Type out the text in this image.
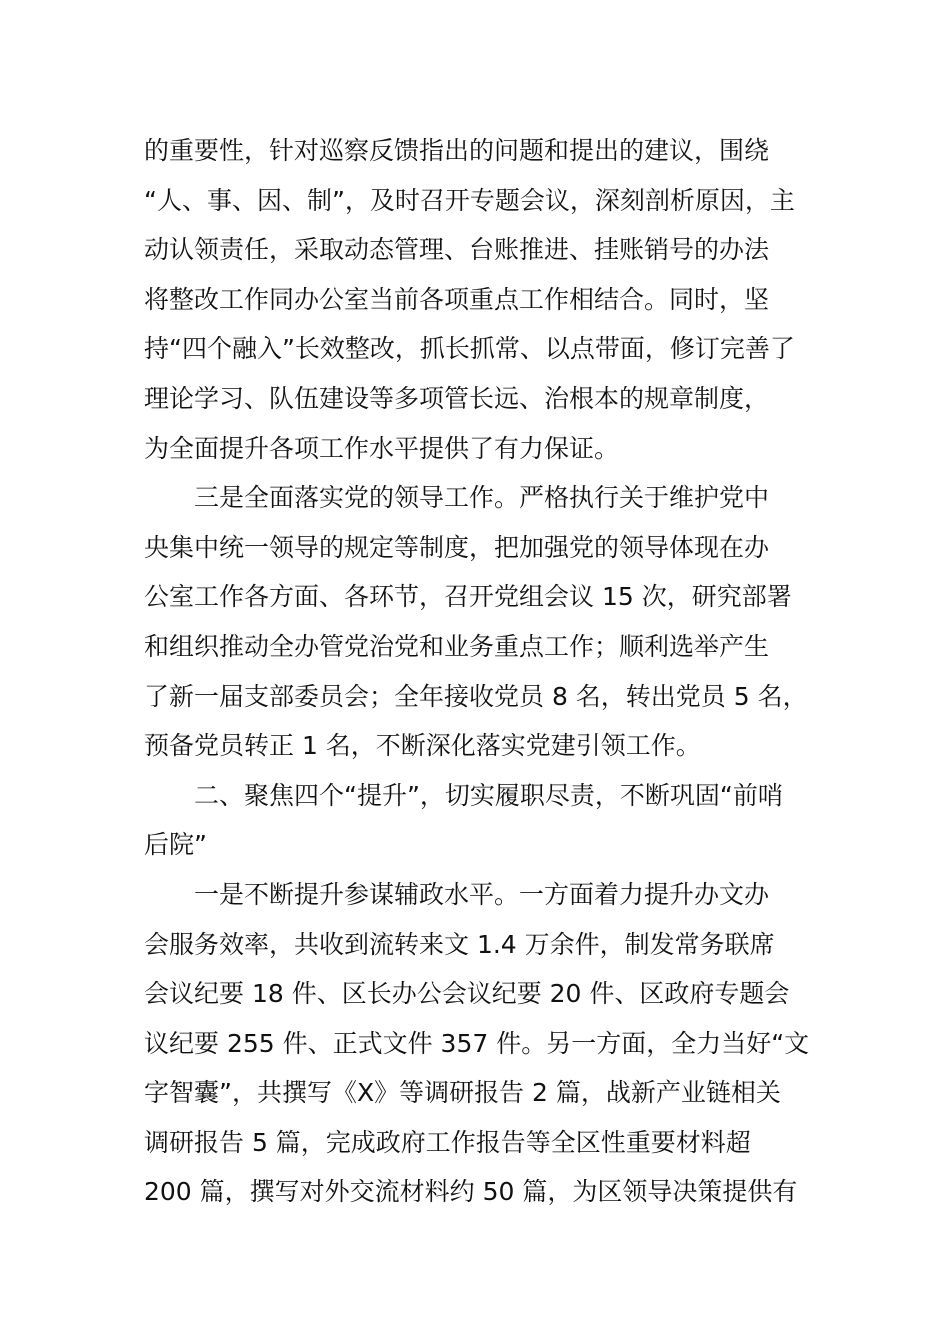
的重要性，针对巡察反馈指出的问题和提出的建议，围绕
“人、事、因、制”，及时召开专题会议，深刻剖析原因，主
动认领责任，采取动态管理、台账推进、挂账销号的办法
将整改工作同办公室当前各项重点工作相结合。同时，坚
持“四个融入”长效整改，抓长抓常、以点带面，修订完善了
理论学习、队伍建设等多项管长远、治根本的规章制度，
为全面提升各项工作水平提供了有力保证。
三是全面落实党的领导工作。严格执行关于维护党中
央集中统一领导的规定等制度，把加强党的领导体现在办
公室工作各方面、各环节，召开党组会议 15 次，研究部署
和组织推动全办管党治党和业务重点工作；顺利选举产生
了新一届支部委员会；全年接收党员 8 名，转出党员 5 名，
预备党员转正 1 名，不断深化落实党建引领工作。
二、聚焦四个“提升”，切实履职尽责，不断巩固“前哨
后院”
一是不断提升参谋辅政水平。一方面着力提升办文办
会服务效率，共收到流转来文 1.4 万余件，制发常务联席
会议纪要 18 件、区长办公会议纪要 20 件、区政府专题会
议纪要 255 件、正式文件 357 件。另一方面，全力当好“文
字智囊”，共撰写《X》等调研报告 2 篇，战新产业链相关
调研报告 5 篇，完成政府工作报告等全区性重要材料超
200 篇，撰写对外交流材料约 50 篇，为区领导决策提供有
